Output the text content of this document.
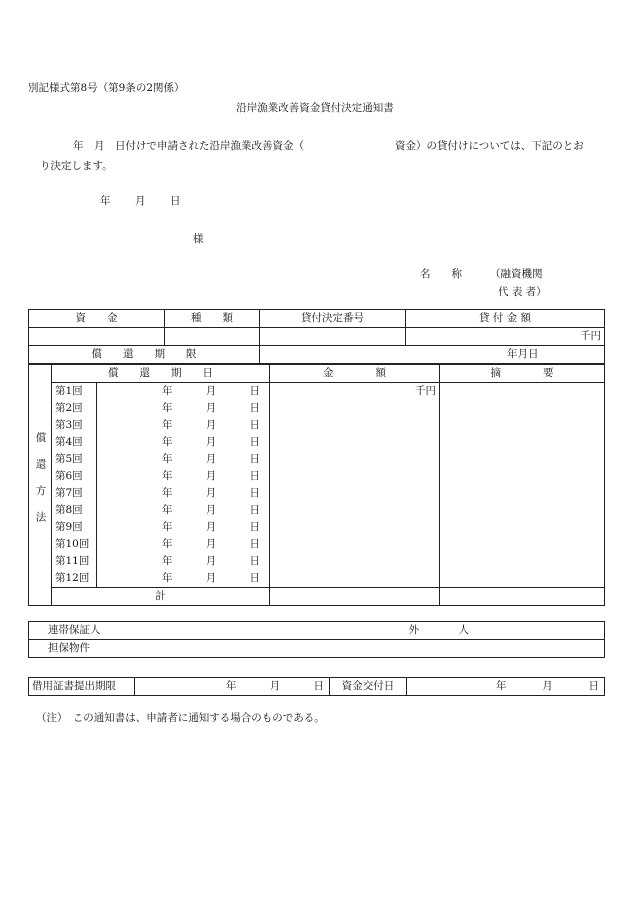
別記様式第8号（第9条の2関係）
沿岸漁業改善資金貸付決定通知書
年　月　日付けで申請された沿岸漁業改善資金（	資金）の貸付けについては、下記のとお
り決定します。
年 月 日
様
名　　称	（融資機関
代 表 者）
資　　金	種　　類	貸付決定番号	貸 付 金 額
			千円
償　　還　　期　　限		年 月 日	
償還方法	償　　還　　期　　日		金　　　　額	摘　　　　要
	第1回	年 月 日	千円	
	第2回	年 月 日		

	第3回	年 月 日		

	第4回	年 月 日		

	第5回	年 月 日		

	第6回	年 月 日		

	第7回	年 月 日		

	第8回	年 月 日		

	第9回	年 月 日		

	第10回	年 月 日		

	第11回	年 月 日		

	第12回	年 月 日		

	計			
連帯保証人	外	人

担保物件
借用証書提出期限	年	月	日	資金交付日	年	月	日
（注）　この通知書は、申請者に通知する場合のものである。
